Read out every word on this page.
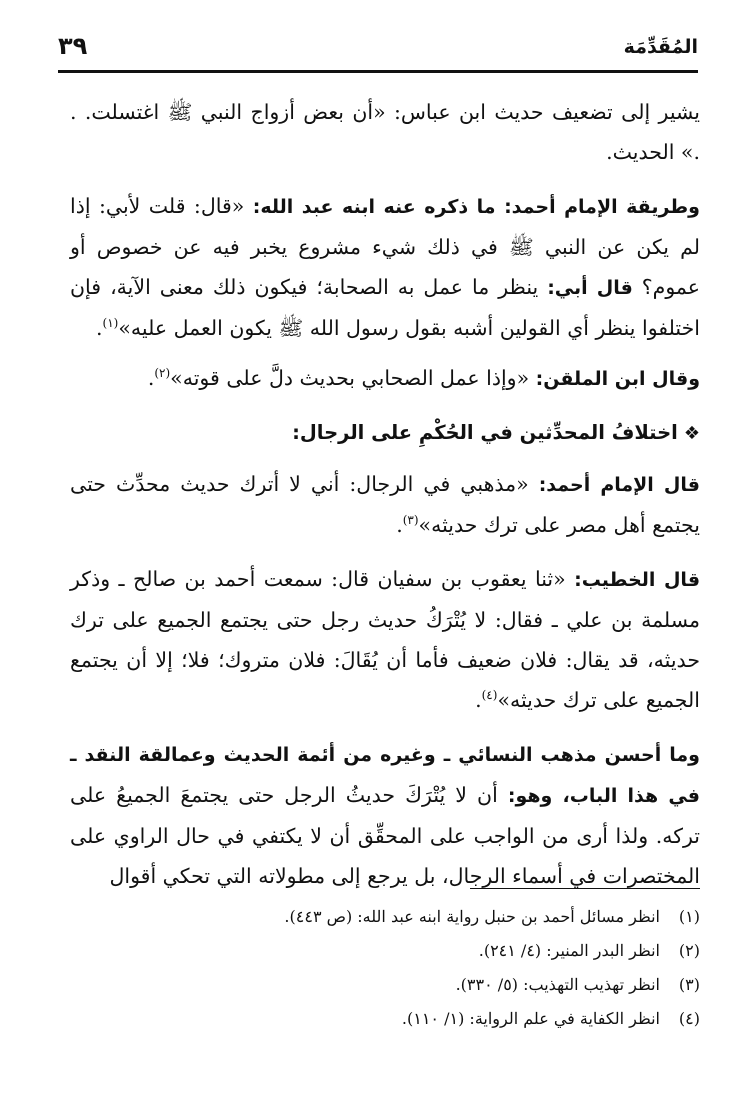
المُقَدِّمَة
٣٩

يشير إلى تضعيف حديث ابن عباس: «أن بعض أزواج النبي ﷺ اغتسلت. . .» الحديث.

وطريقة الإمام أحمد: ما ذكره عنه ابنه عبد الله: «قال: قلت لأبي: إذا لم يكن عن النبي ﷺ في ذلك شيء مشروع يخبر فيه عن خصوص أو عموم؟ قال أبي: ينظر ما عمل به الصحابة؛ فيكون ذلك معنى الآية، فإن اختلفوا ينظر أي القولين أشبه بقول رسول الله ﷺ يكون العمل عليه»$^{(١)}$.

وقال ابن الملقن: «وإذا عمل الصحابي بحديث دلَّ على قوته»$^{(٢)}$.

❖اختلافُ المحدِّثين في الحُكْمِ على الرجال:

قال الإمام أحمد: «مذهبي في الرجال: أني لا أترك حديث محدِّث حتى يجتمع أهل مصر على ترك حديثه»$^{(٣)}$.

قال الخطيب: «ثنا يعقوب بن سفيان قال: سمعت أحمد بن صالح ـ وذكر مسلمة بن علي ـ فقال: لا يُتْرَكُ حديث رجل حتى يجتمع الجميع على ترك حديثه، قد يقال: فلان ضعيف فأما أن يُقَالَ: فلان متروك؛ فلا؛ إلا أن يجتمع الجميع على ترك حديثه»$^{(٤)}$.

وما أحسن مذهب النسائي ـ وغيره من أئمة الحديث وعمالقة النقد ـ في هذا الباب، وهو: أن لا يُتْرَكَ حديثُ الرجل حتى يجتمعَ الجميعُ على تركه. ولذا أرى من الواجب على المحقِّق أن لا يكتفي في حال الراوي على المختصرات في أسماء الرجال، بل يرجع إلى مطولاته التي تحكي أقوال

(١)
انظر مسائل أحمد بن حنبل رواية ابنه عبد الله: (ص ٤٤٣).
(٢)
انظر البدر المنير: (٤/ ٢٤١).
(٣)
انظر تهذيب التهذيب: (٥/ ٣٣٠).
(٤)
انظر الكفاية في علم الرواية: (١/ ١١٠).
